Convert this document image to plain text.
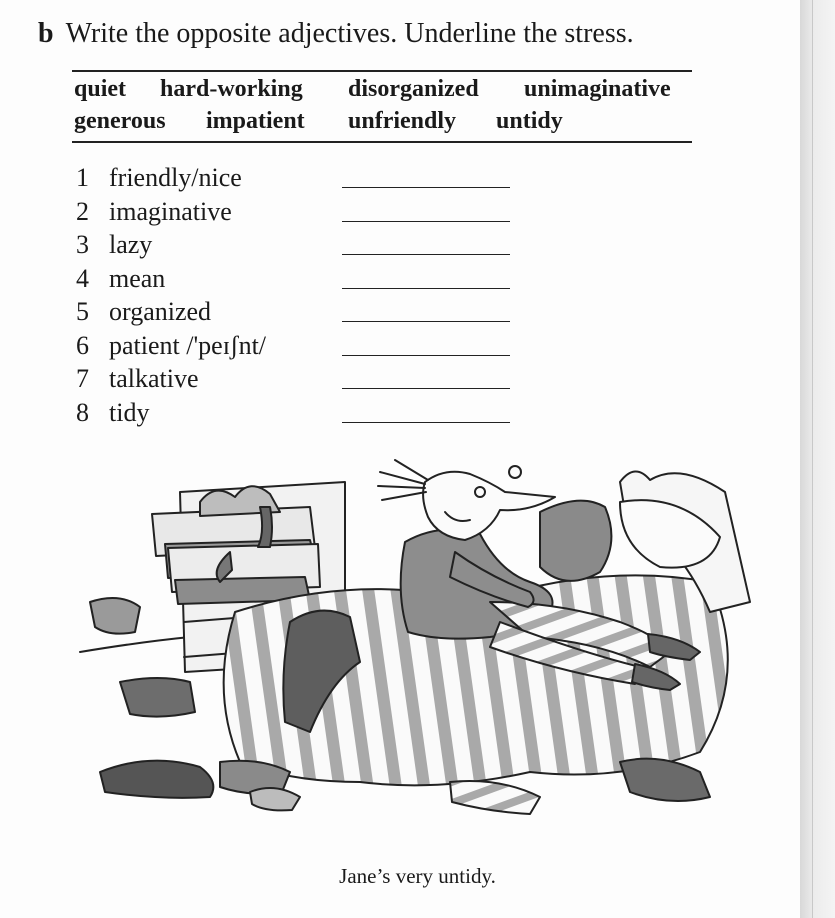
b Write the opposite adjectives. Underline the stress.
quiet hard-working disorganized unimaginative
generous impatient unfriendly untidy
1 friendly/nice
2 imaginative
3 lazy
4 mean
5 organized
6 patient /'peɪʃnt/
7 talkative
8 tidy
Jane’s very untidy.
